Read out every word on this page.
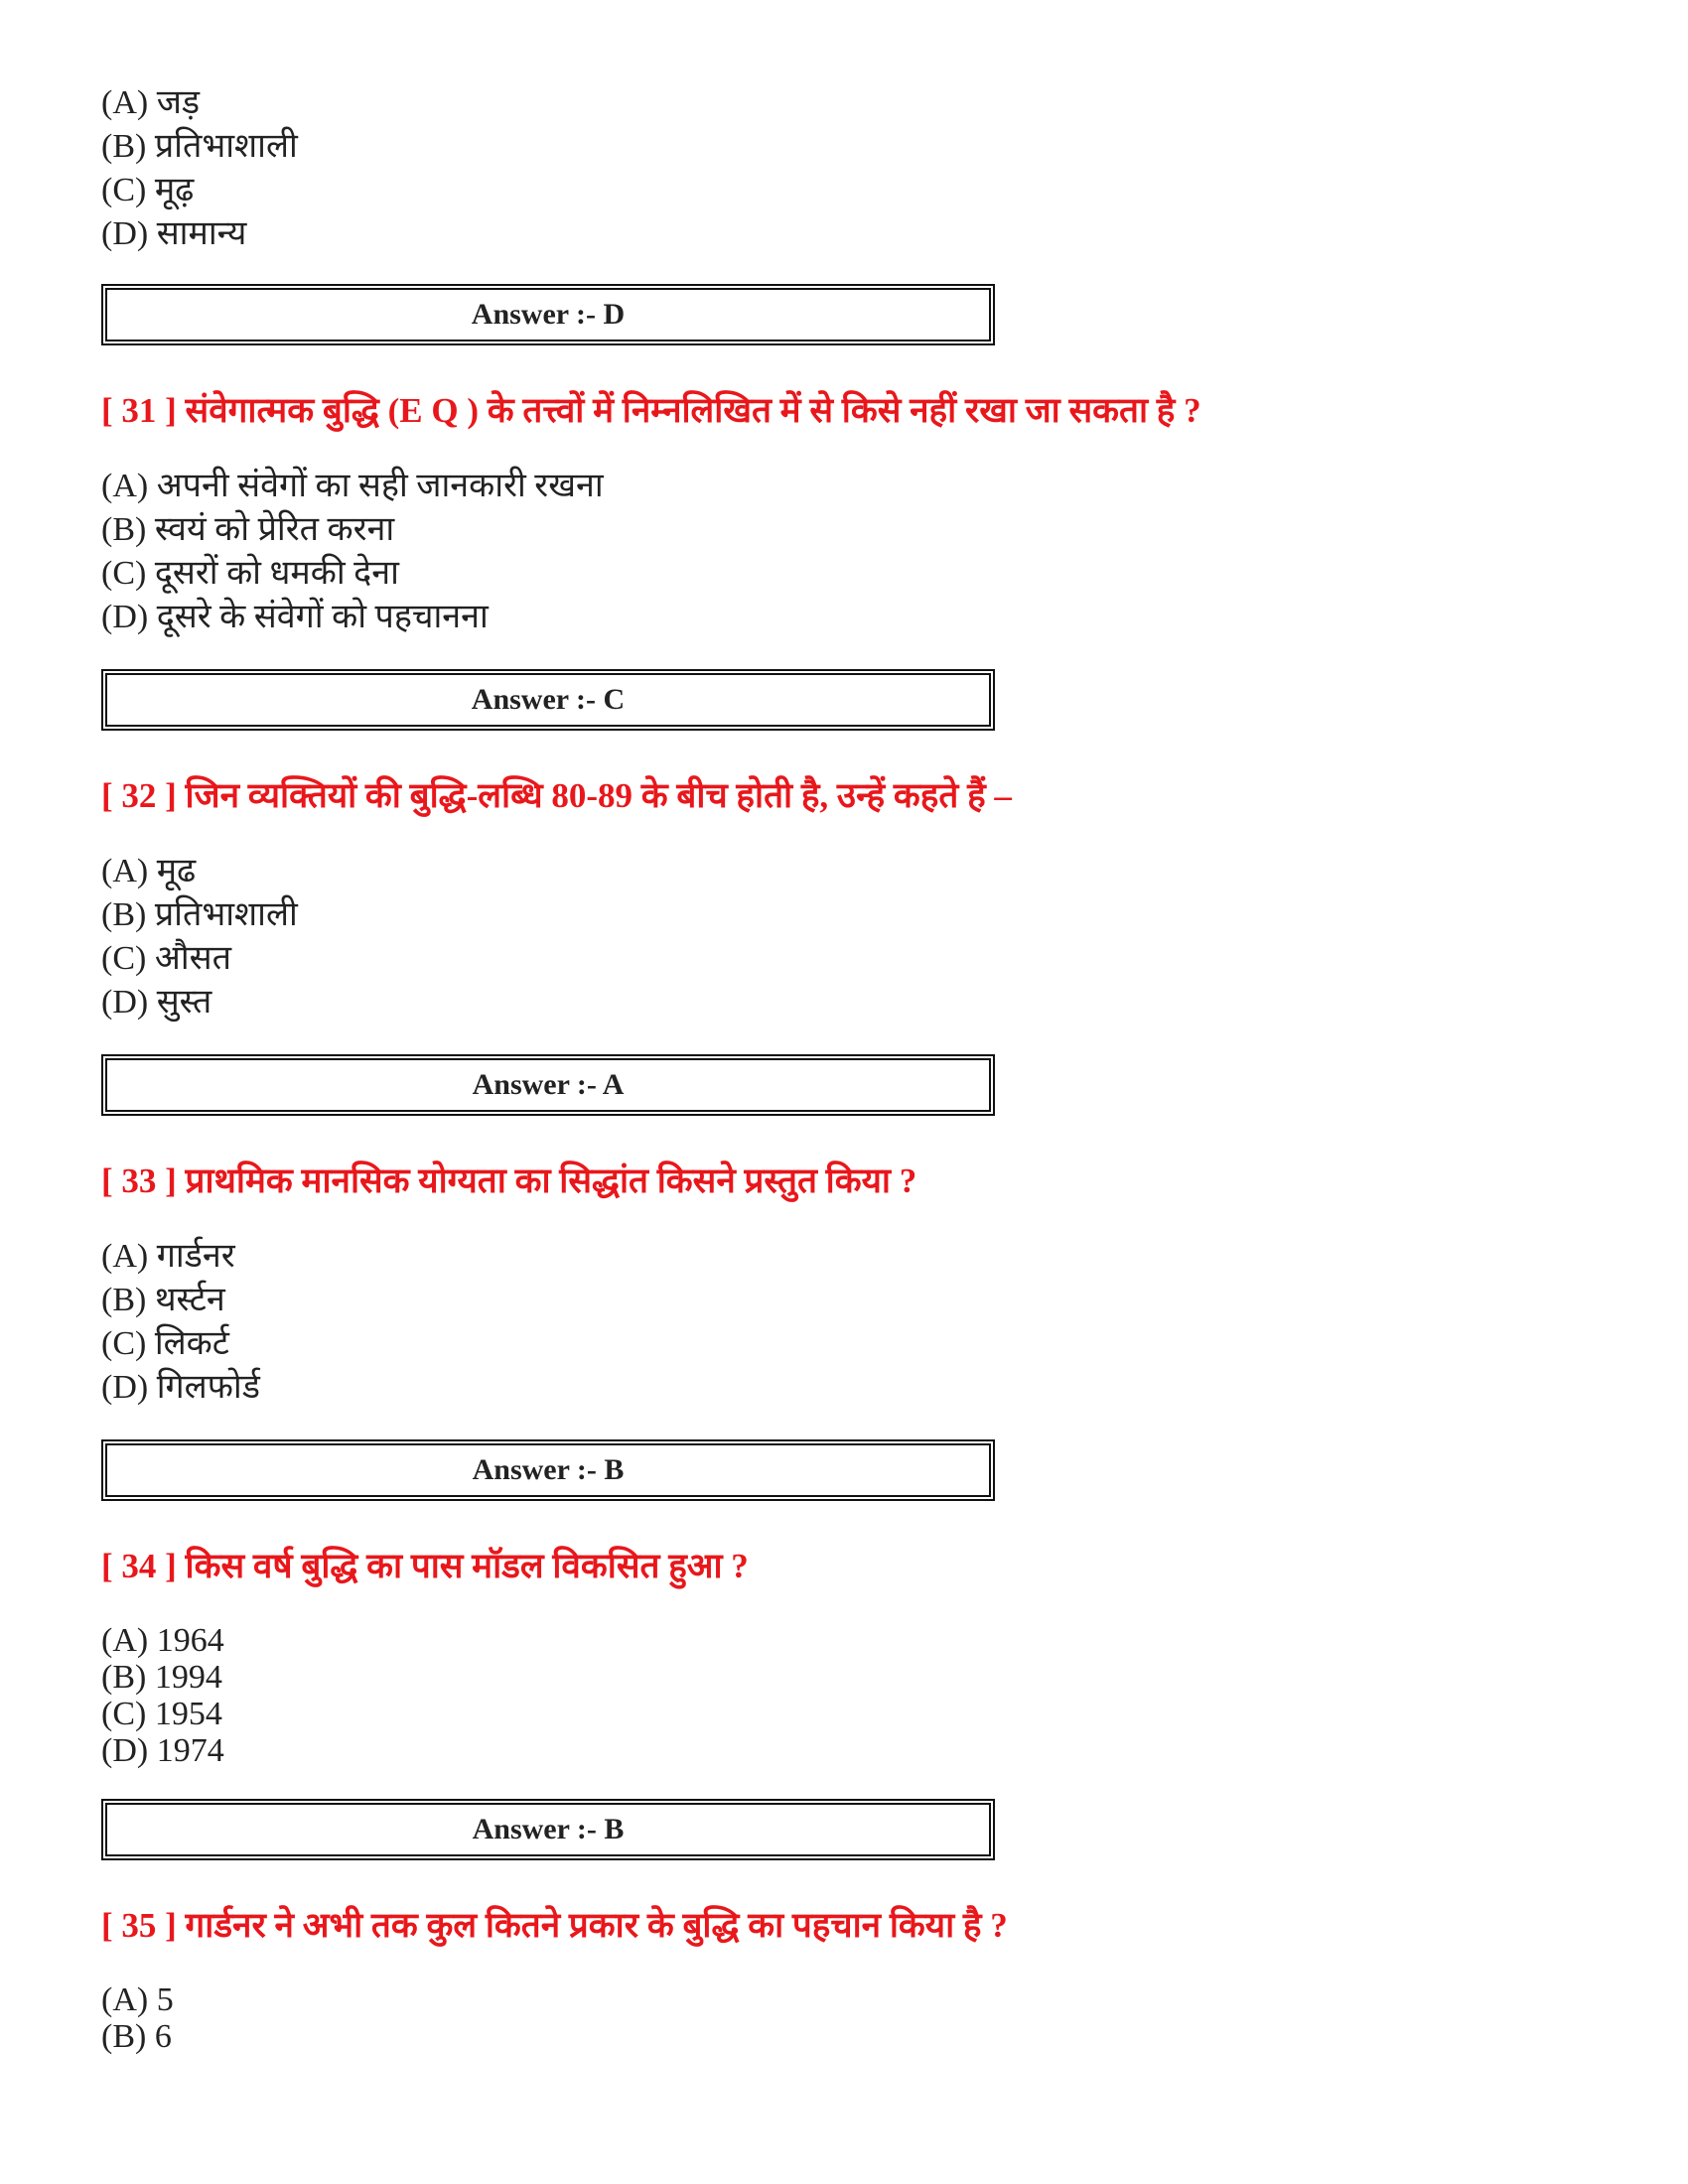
(A) जड़
(B) प्रतिभाशाली
(C) मूढ़
(D) सामान्य
Answer :- D
[ 31 ] संवेगात्मक बुद्धि (E Q ) के तत्त्वों में निम्नलिखित में से किसे नहीं रखा जा सकता है ?
(A) अपनी संवेगों का सही जानकारी रखना
(B) स्वयं को प्रेरित करना
(C) दूसरों को धमकी देना
(D) दूसरे के संवेगों को पहचानना
Answer :- C
[ 32 ] जिन व्यक्तियों की बुद्धि-लब्धि 80-89 के बीच होती है, उन्हें कहते हैं –
(A) मूढ
(B) प्रतिभाशाली
(C) औसत
(D) सुस्त
Answer :- A
[ 33 ] प्राथमिक मानसिक योग्यता का सिद्धांत किसने प्रस्तुत किया ?
(A) गार्डनर
(B) थर्स्टन
(C) लिकर्ट
(D) गिलफोर्ड
Answer :- B
[ 34 ] किस वर्ष बुद्धि का पास मॉडल विकसित हुआ ?
(A) 1964
(B) 1994
(C) 1954
(D) 1974
Answer :- B
[ 35 ] गार्डनर ने अभी तक कुल कितने प्रकार के बुद्धि का पहचान किया है ?
(A) 5
(B) 6
